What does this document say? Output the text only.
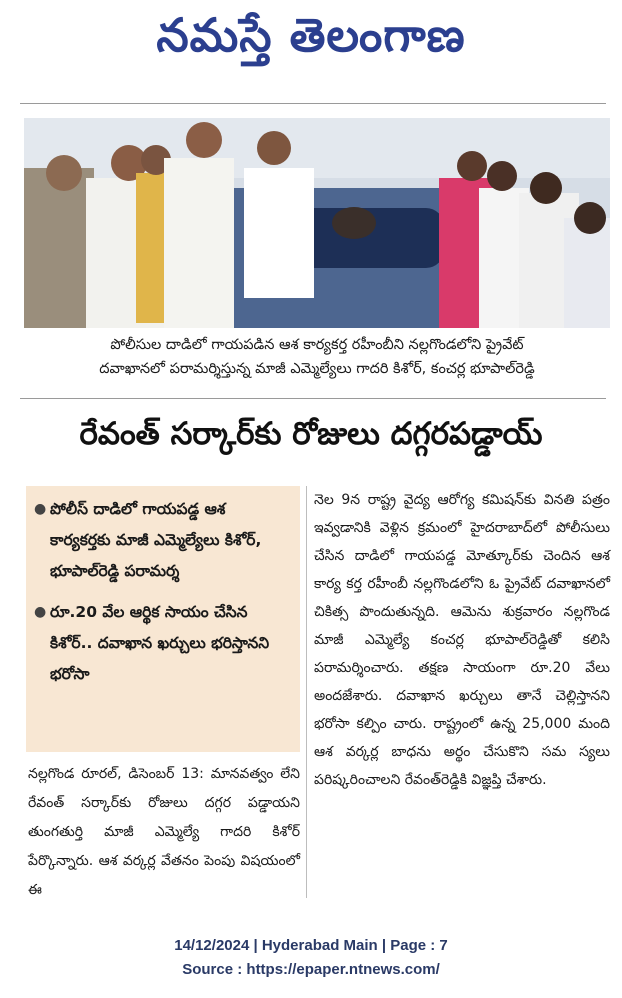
నమస్తే తెలంగాణ
పోలీసుల దాడిలో గాయపడిన ఆశ కార్యకర్త రహీంబీని నల్లగొండలోని ప్రైవేట్
దవాఖానలో పరామర్శిస్తున్న మాజీ ఎమ్మెల్యేలు గాదరి కిశోర్, కంచర్ల భూపాల్‌రెడ్డి
రేవంత్ సర్కార్‌కు రోజులు దగ్గరపడ్డాయ్
● పోలీస్ దాడిలో గాయపడ్డ ఆశ కార్యకర్తకు మాజీ ఎమ్మెల్యేలు కిశోర్, భూపాల్‌రెడ్డి పరామర్శ
● రూ.20 వేల ఆర్థిక సాయం చేసిన కిశోర్.. దవాఖాన ఖర్చులు భరిస్తానని భరోసా
నల్లగొండ రూరల్, డిసెంబర్ 13: మానవత్వం లేని రేవంత్ సర్కార్‌కు రోజులు దగ్గర పడ్డాయని తుంగతుర్తి మాజీ ఎమ్మెల్యే గాదరి కిశోర్ పేర్కొన్నారు. ఆశ వర్కర్ల వేతనం పెంపు విషయంలో ఈ
నెల 9న రాష్ట్ర వైద్య ఆరోగ్య కమిషన్‌కు వినతి పత్రం ఇవ్వడానికి వెళ్లిన క్రమంలో హైదరాబాద్‌లో పోలీసులు చేసిన దాడిలో గాయపడ్డ మోత్కూర్‌కు చెందిన ఆశ కార్య కర్త రహీంబీ నల్లగొండలోని ఓ ప్రైవేట్ దవాఖానలో చికిత్స పొందుతున్నది. ఆమెను శుక్రవారం నల్లగొండ మాజీ ఎమ్మెల్యే కంచర్ల భూపాల్‌రెడ్డితో కలిసి పరామర్శించారు. తక్షణ సాయంగా రూ.20 వేలు అందజేశారు. దవాఖాన ఖర్చులు తానే చెల్లిస్తానని భరోసా కల్పిం చారు. రాష్ట్రంలో ఉన్న 25,000 మంది ఆశ వర్కర్ల బాధను అర్థం చేసుకొని సమ స్యలు పరిష్కరించాలని రేవంత్‌రెడ్డికి విజ్ఞప్తి చేశారు.
14/12/2024 | Hyderabad Main | Page : 7
Source : https://epaper.ntnews.com/
